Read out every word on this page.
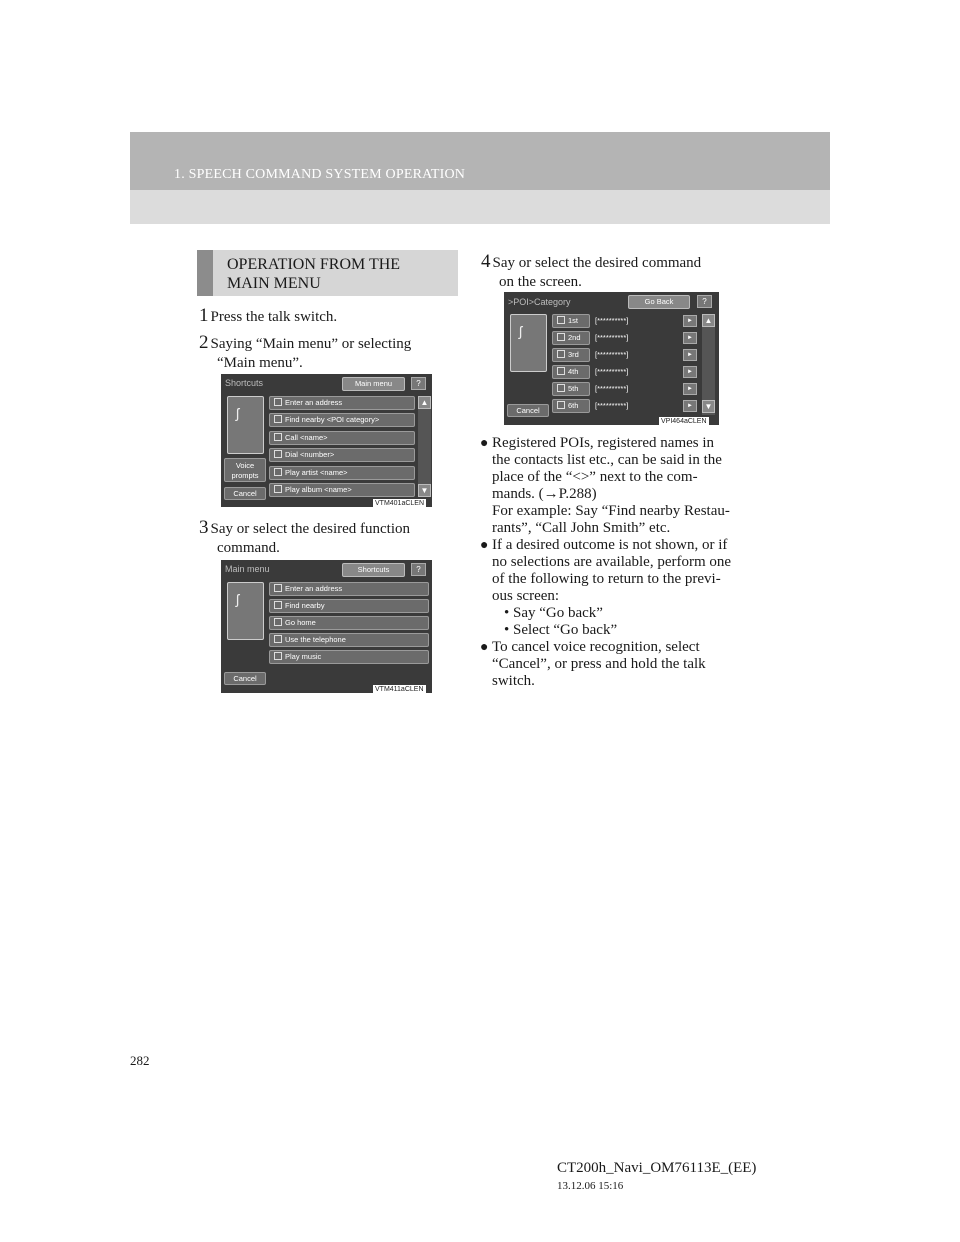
1. SPEECH COMMAND SYSTEM OPERATION
OPERATION FROM THE
MAIN MENU
1 Press the talk switch.
2 Saying “Main menu” or selecting
“Main menu”.
Shortcuts	Main menu	?
ʃ
Enter an address
Find nearby <POI category>
Call <name>
Dial <number>
Play artist <name>
Play album <name>
Voice
prompts
Cancel
▲
▼
VTM401aCLEN
3 Say or select the desired function
command.
Main menu	Shortcuts	?
ʃ
Enter an address
Find nearby
Go home
Use the telephone
Play music
Cancel
VTM411aCLEN
4 Say or select the desired command
on the screen.
>POI>Category	Go Back	?
ʃ
1st	[**********]	►
2nd	[**********]	►
3rd	[**********]	►
4th	[**********]	►
5th	[**********]	►
6th	[**********]	►
Cancel
▲
▼
VPI464aCLEN
● Registered POIs, registered names in
the contacts list etc., can be said in the
place of the “<>” next to the com-
mands. (→P.288)
For example: Say “Find nearby Restau-
rants”, “Call John Smith” etc.
● If a desired outcome is not shown, or if
no selections are available, perform one
of the following to return to the previ-
ous screen:
• Say “Go back”
• Select “Go back”
● To cancel voice recognition, select
“Cancel”, or press and hold the talk
switch.
282
CT200h_Navi_OM76113E_(EE)
13.12.06 15:16
